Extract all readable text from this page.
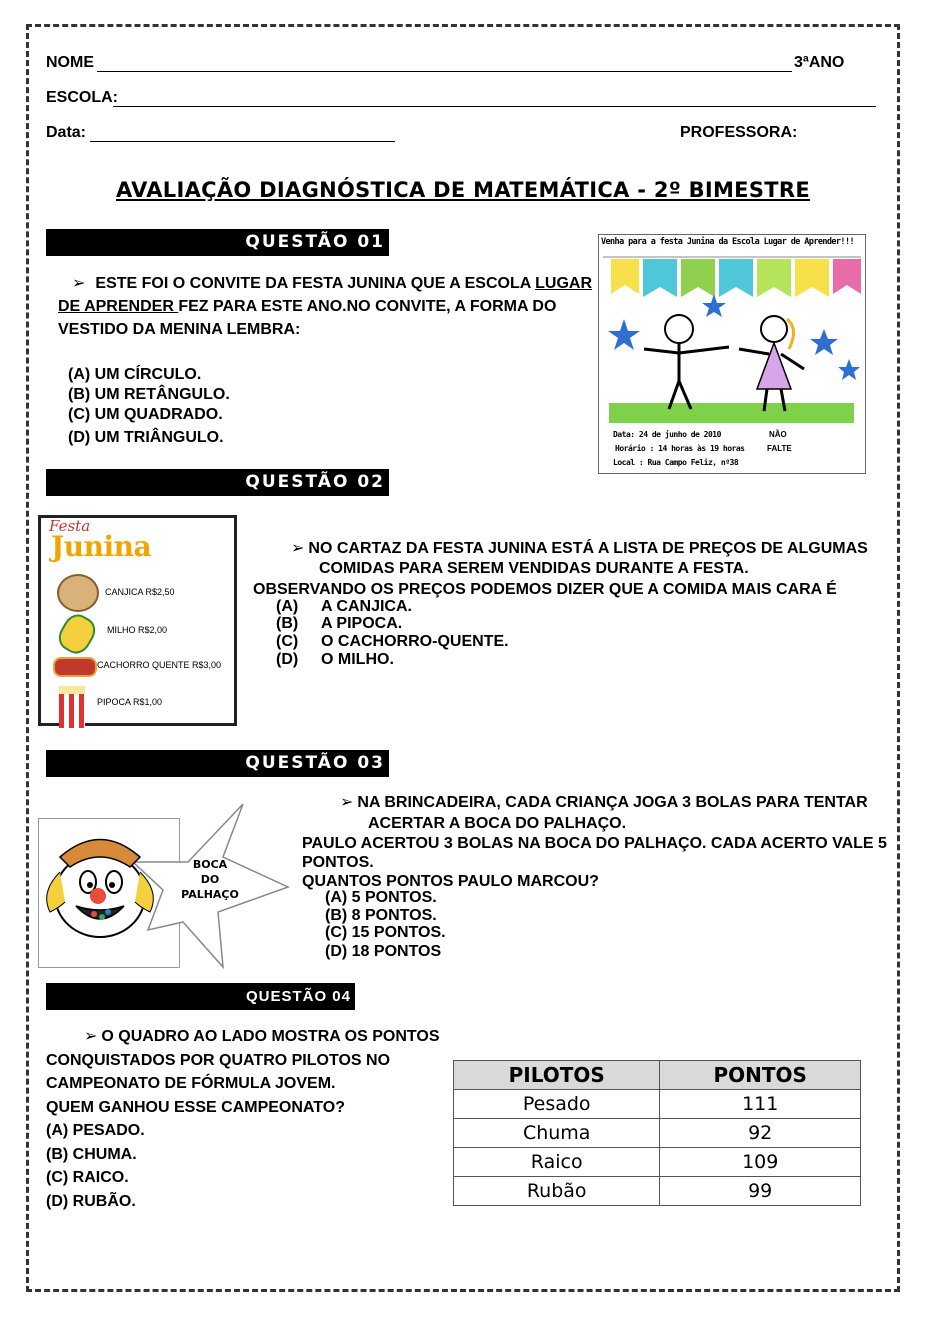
NOME	3ªANO
ESCOLA:
Data:	PROFESSORA:
AVALIAÇÃO DIAGNÓSTICA DE MATEMÁTICA - 2º BIMESTRE
QUESTÃO 01
➢ ESTE FOI O CONVITE DA FESTA JUNINA QUE A ESCOLA LUGAR
DE APRENDER FEZ PARA ESTE ANO.NO CONVITE, A FORMA DO
VESTIDO DA MENINA LEMBRA:
(A) UM CÍRCULO.
(B) UM RETÂNGULO.
(C) UM QUADRADO.
(D) UM TRIÂNGULO.
Venha para a festa Junina da Escola Lugar de Aprender!!!
Data: 24 de junho de 2010
Horário : 14 horas às 19 horas
Local : Rua Campo Feliz, nº38
NÃO
FALTE
QUESTÃO 02
Festa
Junina
CANJICA R$2,50
MILHO R$2,00
CACHORRO QUENTE R$3,00
PIPOCA R$1,00
➢ NO CARTAZ DA FESTA JUNINA ESTÁ A LISTA DE PREÇOS DE ALGUMAS
COMIDAS PARA SEREM VENDIDAS DURANTE A FESTA.
OBSERVANDO OS PREÇOS PODEMOS DIZER QUE A COMIDA MAIS CARA É
(A) A CANJICA.
(B) A PIPOCA.
(C) O CACHORRO-QUENTE.
(D) O MILHO.
QUESTÃO 03
BOCA
DO
PALHAÇO
➢ NA BRINCADEIRA, CADA CRIANÇA JOGA 3 BOLAS PARA TENTAR
ACERTAR A BOCA DO PALHAÇO.
PAULO ACERTOU 3 BOLAS NA BOCA DO PALHAÇO. CADA ACERTO VALE 5
PONTOS.
QUANTOS PONTOS PAULO MARCOU?
(A) 5 PONTOS.
(B) 8 PONTOS.
(C) 15 PONTOS.
(D) 18 PONTOS
QUESTÃO 04
➢ O QUADRO AO LADO MOSTRA OS PONTOS
CONQUISTADOS POR QUATRO PILOTOS NO
CAMPEONATO DE FÓRMULA JOVEM.
QUEM GANHOU ESSE CAMPEONATO?
(A) PESADO.
(B) CHUMA.
(C) RAICO.
(D) RUBÃO.
PILOTOS	PONTOS
Pesado	111
Chuma	92
Raico	109
Rubão	99
